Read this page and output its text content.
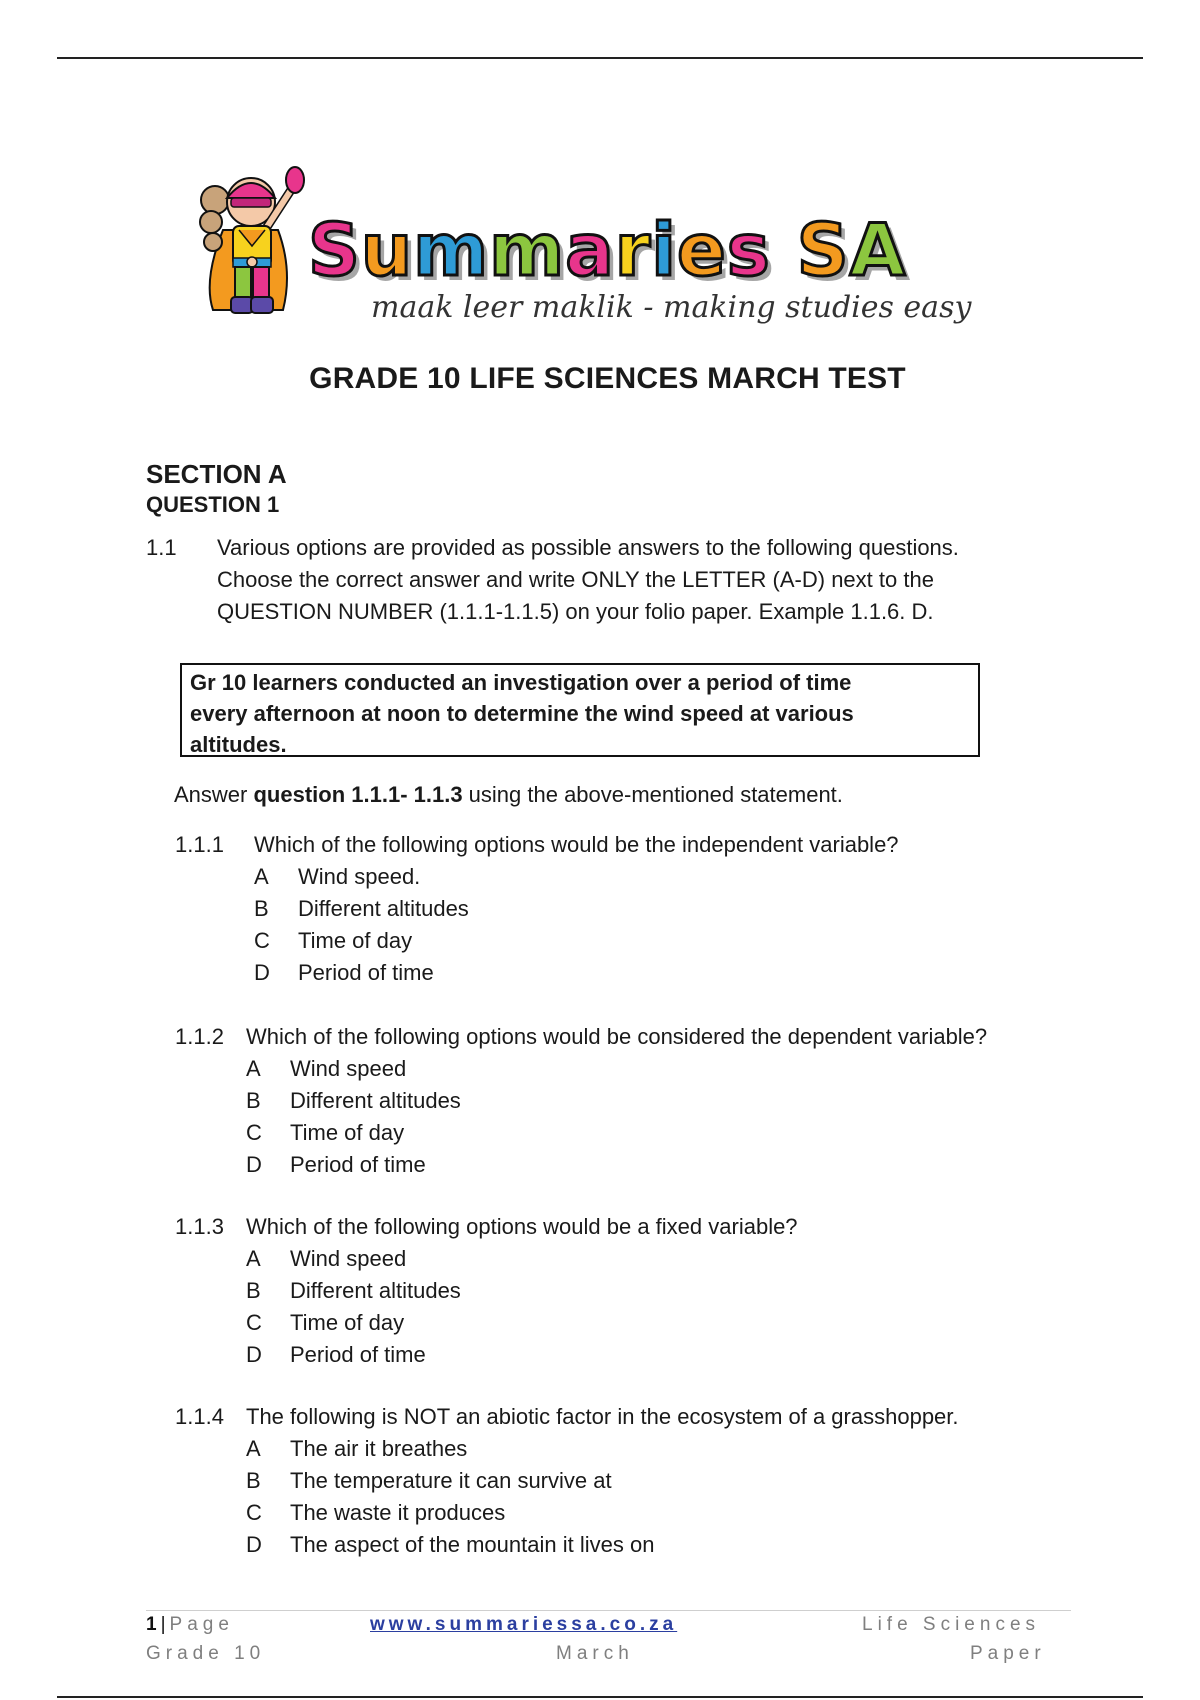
Summaries SA
maak leer maklik - making studies easy
GRADE 10 LIFE SCIENCES MARCH TEST
SECTION A
QUESTION 1
1.1 Various options are provided as possible answers to the following questions.
Choose the correct answer and write ONLY the LETTER (A-D) next to the
QUESTION NUMBER (1.1.1-1.1.5) on your folio paper. Example 1.1.6. D.
Gr 10 learners conducted an investigation over a period of time
every afternoon at noon to determine the wind speed at various
altitudes.
Answer question 1.1.1- 1.1.3 using the above-mentioned statement.
1.1.1 Which of the following options would be the independent variable?
A Wind speed.
B Different altitudes
C Time of day
D Period of time
1.1.2 Which of the following options would be considered the dependent variable?
A Wind speed
B Different altitudes
C Time of day
D Period of time
1.1.3 Which of the following options would be a fixed variable?
A Wind speed
B Different altitudes
C Time of day
D Period of time
1.1.4 The following is NOT an abiotic factor in the ecosystem of a grasshopper.
A The air it breathes
B The temperature it can survive at
C The waste it produces
D The aspect of the mountain it lives on
1 | Page
Grade 10
www.summariessa.co.za
March
Life Sciences
Paper
